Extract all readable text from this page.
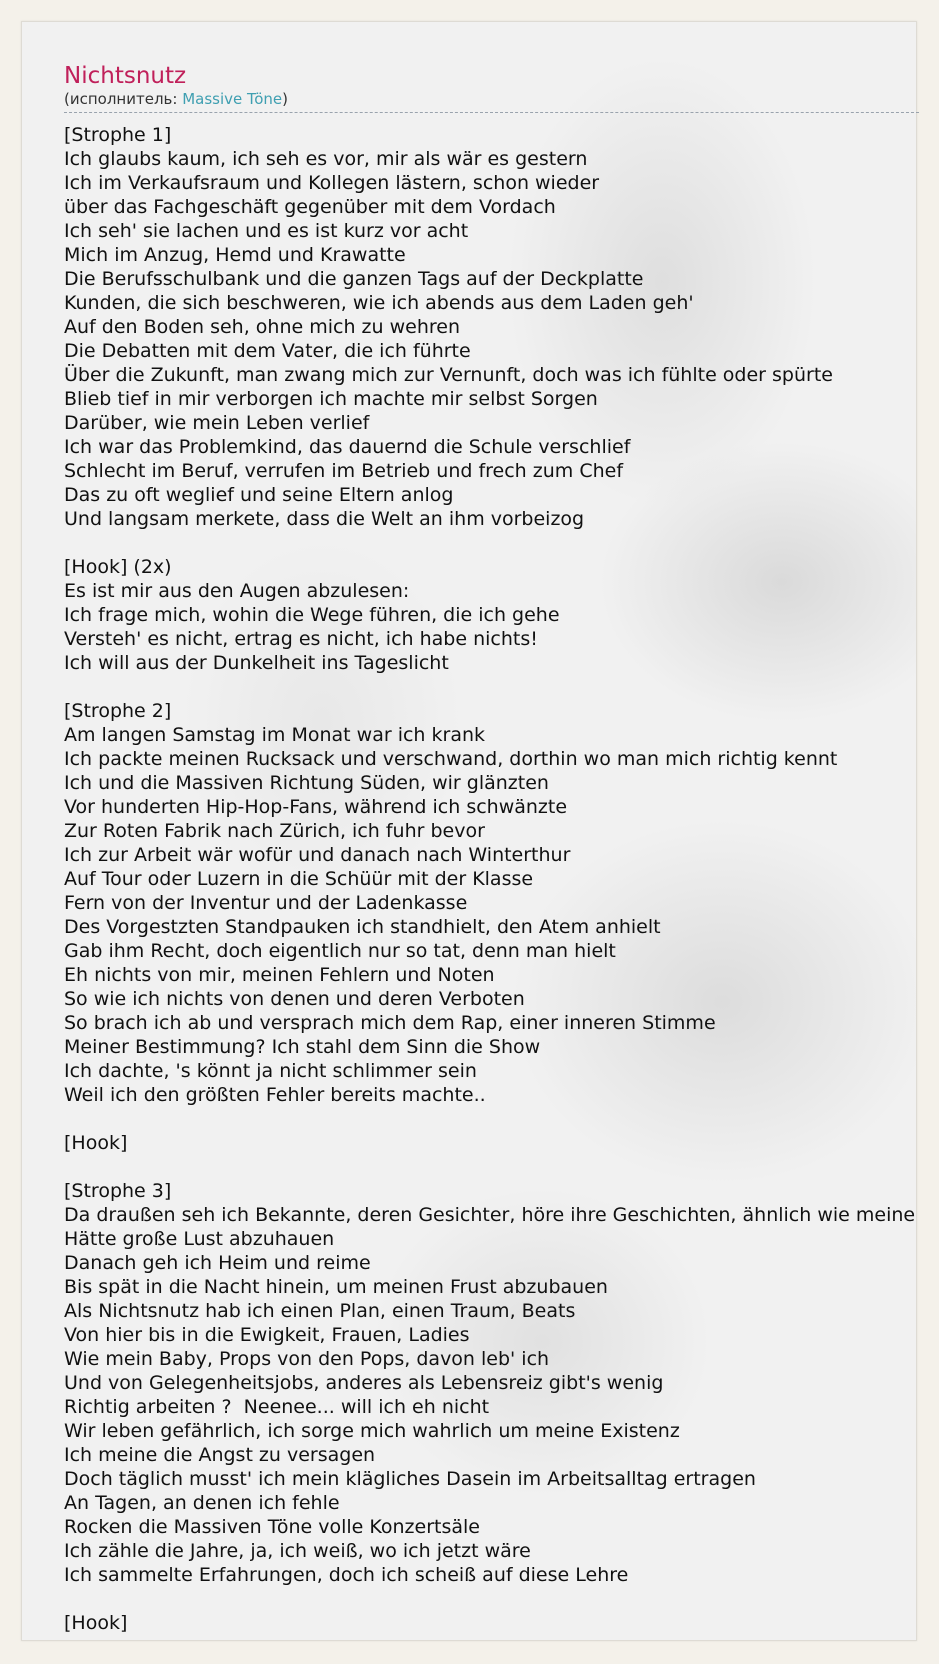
Nichtsnutz
(исполнитель: Massive Töne)
[Strophe 1]
Ich glaubs kaum, ich seh es vor, mir als wär es gestern
Ich im Verkaufsraum und Kollegen lästern, schon wieder
über das Fachgeschäft gegenüber mit dem Vordach
Ich seh' sie lachen und es ist kurz vor acht
Mich im Anzug, Hemd und Krawatte
Die Berufsschulbank und die ganzen Tags auf der Deckplatte
Kunden, die sich beschweren, wie ich abends aus dem Laden geh'
Auf den Boden seh, ohne mich zu wehren
Die Debatten mit dem Vater, die ich führte
Über die Zukunft, man zwang mich zur Vernunft, doch was ich fühlte oder spürte
Blieb tief in mir verborgen ich machte mir selbst Sorgen
Darüber, wie mein Leben verlief
Ich war das Problemkind, das dauernd die Schule verschlief
Schlecht im Beruf, verrufen im Betrieb und frech zum Chef
Das zu oft weglief und seine Eltern anlog
Und langsam merkete, dass die Welt an ihm vorbeizog
[Hook] (2x)
Es ist mir aus den Augen abzulesen:
Ich frage mich, wohin die Wege führen, die ich gehe
Versteh' es nicht, ertrag es nicht, ich habe nichts!
Ich will aus der Dunkelheit ins Tageslicht
[Strophe 2]
Am langen Samstag im Monat war ich krank
Ich packte meinen Rucksack und verschwand, dorthin wo man mich richtig kennt
Ich und die Massiven Richtung Süden, wir glänzten
Vor hunderten Hip-Hop-Fans, während ich schwänzte
Zur Roten Fabrik nach Zürich, ich fuhr bevor
Ich zur Arbeit wär wofür und danach nach Winterthur
Auf Tour oder Luzern in die Schüür mit der Klasse
Fern von der Inventur und der Ladenkasse
Des Vorgestzten Standpauken ich standhielt, den Atem anhielt
Gab ihm Recht, doch eigentlich nur so tat, denn man hielt
Eh nichts von mir, meinen Fehlern und Noten
So wie ich nichts von denen und deren Verboten
So brach ich ab und versprach mich dem Rap, einer inneren Stimme
Meiner Bestimmung? Ich stahl dem Sinn die Show
Ich dachte, 's könnt ja nicht schlimmer sein
Weil ich den größten Fehler bereits machte..
[Hook]
[Strophe 3]
Da draußen seh ich Bekannte, deren Gesichter, höre ihre Geschichten, ähnlich wie meine
Hätte große Lust abzuhauen
Danach geh ich Heim und reime
Bis spät in die Nacht hinein, um meinen Frust abzubauen
Als Nichtsnutz hab ich einen Plan, einen Traum, Beats
Von hier bis in die Ewigkeit, Frauen, Ladies
Wie mein Baby, Props von den Pops, davon leb' ich
Und von Gelegenheitsjobs, anderes als Lebensreiz gibt's wenig
Richtig arbeiten ?  Neenee... will ich eh nicht
Wir leben gefährlich, ich sorge mich wahrlich um meine Existenz
Ich meine die Angst zu versagen
Doch täglich musst' ich mein klägliches Dasein im Arbeitsalltag ertragen
An Tagen, an denen ich fehle
Rocken die Massiven Töne volle Konzertsäle
Ich zähle die Jahre, ja, ich weiß, wo ich jetzt wäre
Ich sammelte Erfahrungen, doch ich scheiß auf diese Lehre
[Hook]
